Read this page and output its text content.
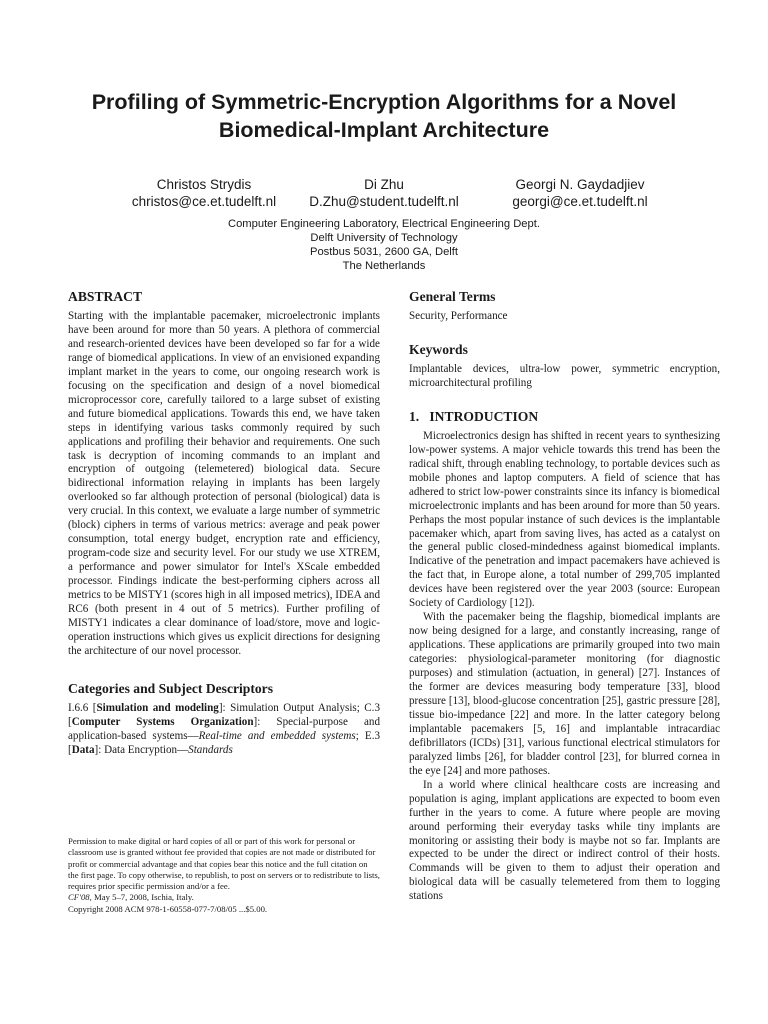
Profiling of Symmetric-Encryption Algorithms for a Novel
Biomedical-Implant Architecture
Christos Strydis
christos@ce.et.tudelft.nl
Di Zhu
D.Zhu@student.tudelft.nl
Georgi N. Gaydadjiev
georgi@ce.et.tudelft.nl
Computer Engineering Laboratory, Electrical Engineering Dept.
Delft University of Technology
Postbus 5031, 2600 GA, Delft
The Netherlands
ABSTRACT

Starting with the implantable pacemaker, microelectronic implants have been around for more than 50 years. A plethora of commercial and research-oriented devices have been developed so far for a wide range of biomedical applications. In view of an envisioned expanding implant market in the years to come, our ongoing research work is focusing on the specification and design of a novel biomedical microprocessor core, carefully tailored to a large subset of existing and future biomedical applications. Towards this end, we have taken steps in identifying various tasks commonly required by such applications and profiling their behavior and requirements. One such task is decryption of incoming commands to an implant and encryption of outgoing (telemetered) biological data. Secure bidirectional information relaying in implants has been largely overlooked so far although protection of personal (biological) data is very crucial. In this context, we evaluate a large number of symmetric (block) ciphers in terms of various metrics: average and peak power consumption, total energy budget, encryption rate and efficiency, program-code size and security level. For our study we use XTREM, a performance and power simulator for Intel's XScale embedded processor. Findings indicate the best-performing ciphers across all metrics to be MISTY1 (scores high in all imposed metrics), IDEA and RC6 (both present in 4 out of 5 metrics). Further profiling of MISTY1 indicates a clear dominance of load/store, move and logic-operation instructions which gives us explicit directions for designing the architecture of our novel processor.

Categories and Subject Descriptors

I.6.6 [Simulation and modeling]: Simulation Output Analysis; C.3 [Computer Systems Organization]: Special-purpose and application-based systems—Real-time and embedded systems; E.3 [Data]: Data Encryption—Standards

Permission to make digital or hard copies of all or part of this work for personal or classroom use is granted without fee provided that copies are not made or distributed for profit or commercial advantage and that copies bear this notice and the full citation on the first page. To copy otherwise, to republish, to post on servers or to redistribute to lists, requires prior specific permission and/or a fee.

CF'08, May 5–7, 2008, Ischia, Italy.

Copyright 2008 ACM 978-1-60558-077-7/08/05 ...$5.00.

General Terms

Security, Performance

Keywords

Implantable devices, ultra-low power, symmetric encryption, microarchitectural profiling

1.   INTRODUCTION

Microelectronics design has shifted in recent years to synthesizing low-power systems. A major vehicle towards this trend has been the radical shift, through enabling technology, to portable devices such as mobile phones and laptop computers. A field of science that has adhered to strict low-power constraints since its infancy is biomedical microelectronic implants and has been around for more than 50 years. Perhaps the most popular instance of such devices is the implantable pacemaker which, apart from saving lives, has acted as a catalyst on the general public closed-mindedness against biomedical implants. Indicative of the penetration and impact pacemakers have achieved is the fact that, in Europe alone, a total number of 299,705 implanted devices have been registered over the year 2003 (source: European Society of Cardiology [12]).

With the pacemaker being the flagship, biomedical implants are now being designed for a large, and constantly increasing, range of applications. These applications are primarily grouped into two main categories: physiological-parameter monitoring (for diagnostic purposes) and stimulation (actuation, in general) [27]. Instances of the former are devices measuring body temperature [33], blood pressure [13], blood-glucose concentration [25], gastric pressure [28], tissue bio-impedance [22] and more. In the latter category belong implantable pacemakers [5, 16] and implantable intracardiac defibrillators (ICDs) [31], various functional electrical stimulators for paralyzed limbs [26], for bladder control [23], for blurred cornea in the eye [24] and more pathoses.

In a world where clinical healthcare costs are increasing and population is aging, implant applications are expected to boom even further in the years to come. A future where people are moving around performing their everyday tasks while tiny implants are monitoring or assisting their body is maybe not so far. Implants are expected to be under the direct or indirect control of their hosts. Commands will be given to them to adjust their operation and biological data will be casually telemetered from them to logging stations
